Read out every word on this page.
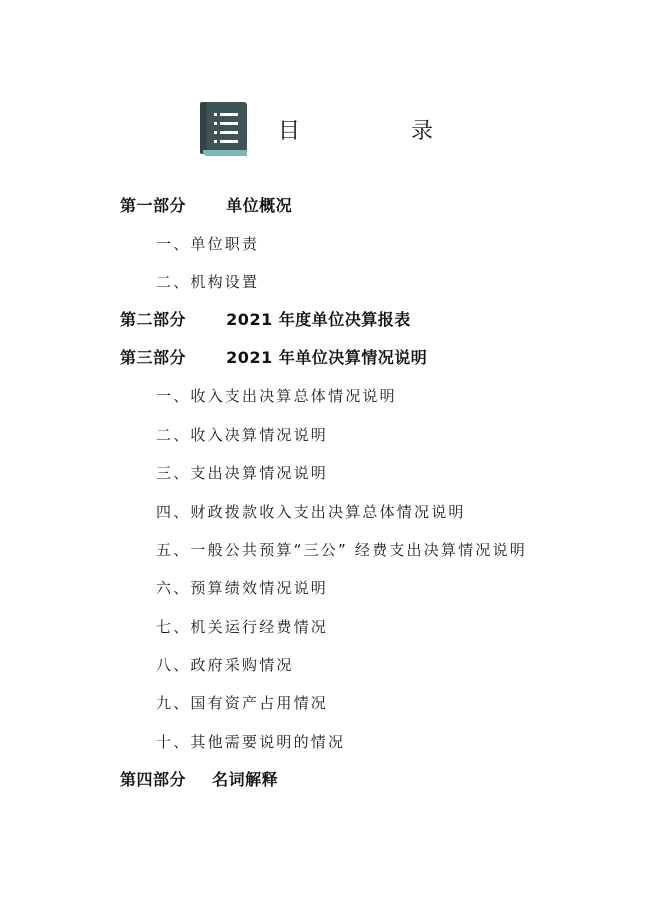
目 录
第一部分	单位概况
一、单位职责
二、机构设置
第二部分	2021 年度单位决算报表
第三部分	2021 年单位决算情况说明
一、收入支出决算总体情况说明
二、收入决算情况说明
三、支出决算情况说明
四、财政拨款收入支出决算总体情况说明
五、一般公共预算“三公” 经费支出决算情况说明
六、预算绩效情况说明
七、机关运行经费情况
八、政府采购情况
九、国有资产占用情况
十、其他需要说明的情况
第四部分 名词解释
